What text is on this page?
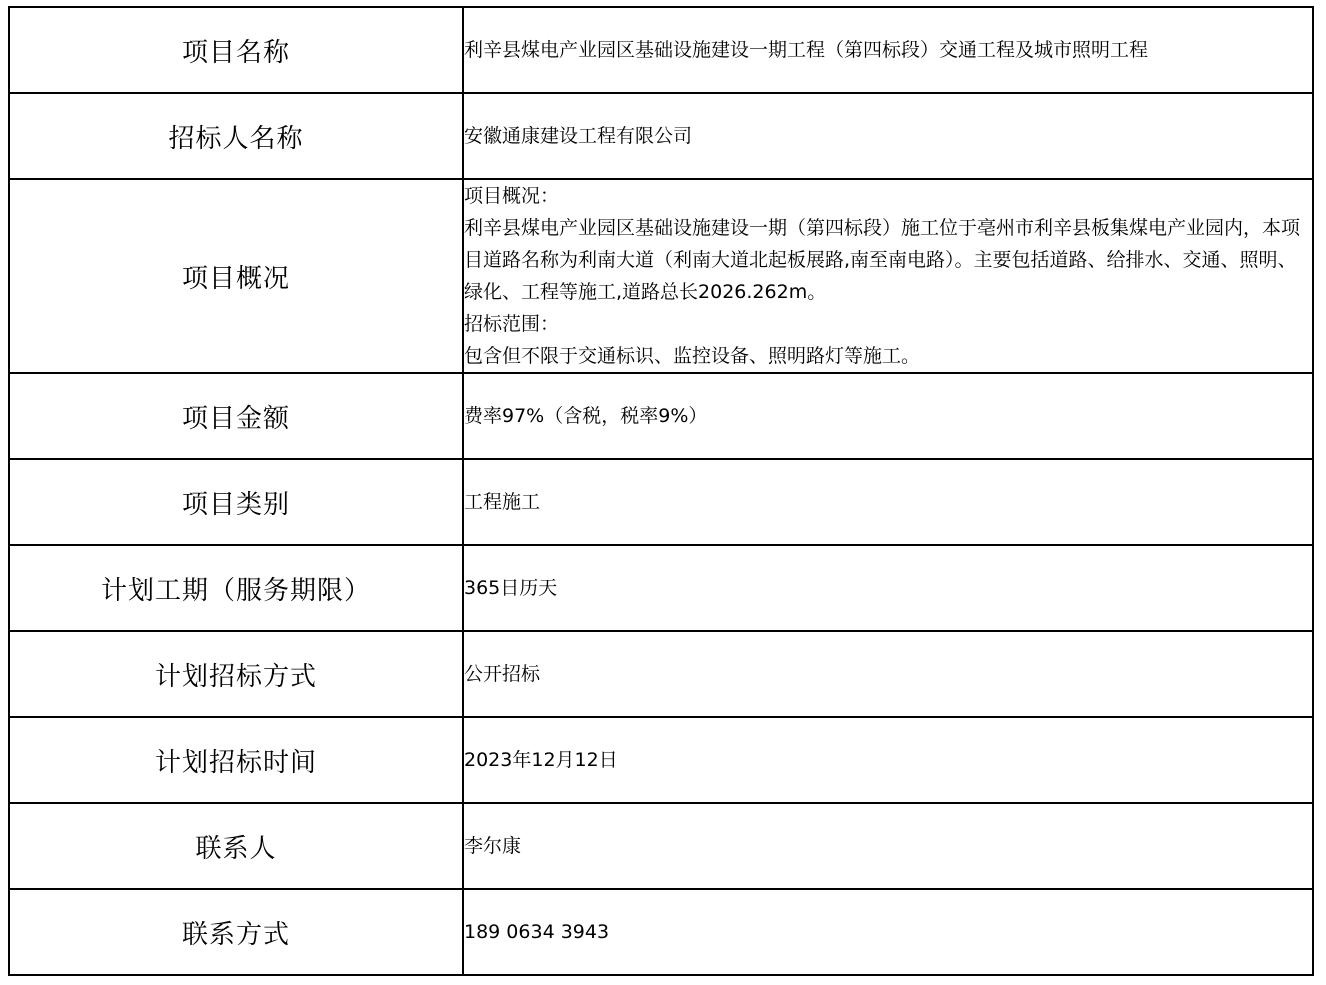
项目名称	利辛县煤电产业园区基础设施建设一期工程（第四标段）交通工程及城市照明工程
招标人名称	安徽通康建设工程有限公司
项目概况	项目概况：
利辛县煤电产业园区基础设施建设一期（第四标段）施工位于亳州市利辛县板集煤电产业园内，本项目道路名称为利南大道（利南大道北起板展路,南至南电路）。主要包括道路、给排水、交通、照明、绿化、工程等施工,道路总长2026.262m。
招标范围：
包含但不限于交通标识、监控设备、照明路灯等施工。

项目金额	费率97%（含税，税率9%）
项目类别	工程施工
计划工期（服务期限）	365日历天
计划招标方式	公开招标
计划招标时间	2023年12月12日
联系人	李尔康
联系方式	189 0634 3943
